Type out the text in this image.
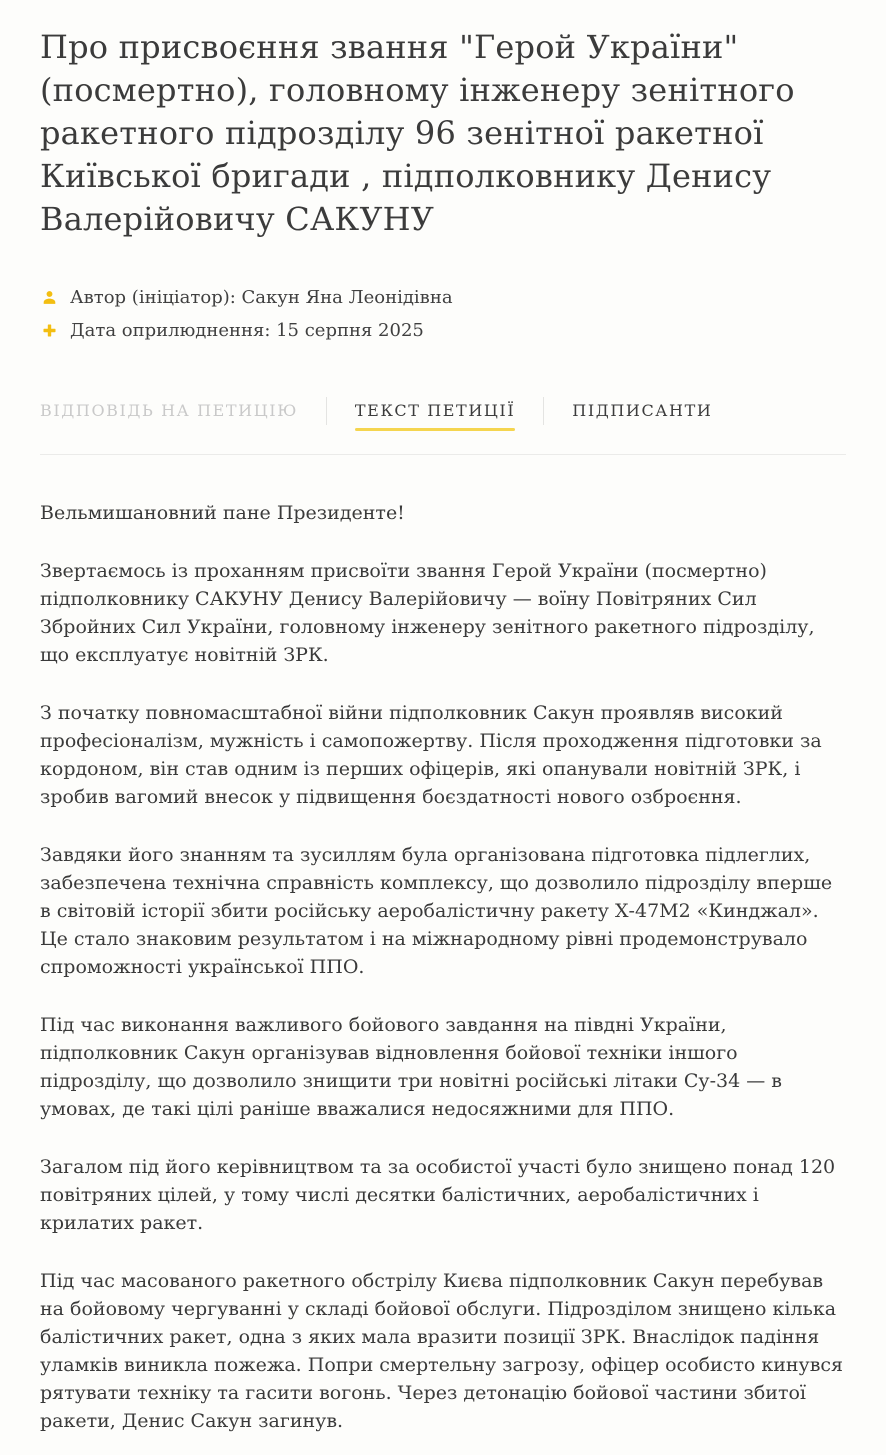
Про присвоєння звання "Герой України" (посмертно), головному інженеру зенітного ракетного підрозділу 96 зенітної ракетної Київської бригади , підполковнику Денису Валерійовичу САКУНУ
Автор (ініціатор): Сакун Яна Леонідівна
Дата оприлюднення: 15 серпня 2025
ВІДПОВІДЬ НА ПЕТИЦІЮ	ТЕКСТ ПЕТИЦІЇ	ПІДПИСАНТИ

Вельмишановний пане Президенте!

Звертаємось із проханням присвоїти звання Герой України (посмертно) підполковнику САКУНУ Денису Валерійовичу — воїну Повітряних Сил Збройних Сил України, головному інженеру зенітного ракетного підрозділу, що експлуатує новітній ЗРК.

З початку повномасштабної війни підполковник Сакун проявляв високий професіоналізм, мужність і самопожертву. Після проходження підготовки за кордоном, він став одним із перших офіцерів, які опанували новітній ЗРК, і зробив вагомий внесок у підвищення боєздатності нового озброєння.

Завдяки його знанням та зусиллям була організована підготовка підлеглих, забезпечена технічна справність комплексу, що дозволило підрозділу вперше в світовій історії збити російську аеробалістичну ракету Х-47М2 «Кинджал». Це стало знаковим результатом і на міжнародному рівні продемонструвало спроможності української ППО.

Під час виконання важливого бойового завдання на півдні України, підполковник Сакун організував відновлення бойової техніки іншого підрозділу, що дозволило знищити три новітні російські літаки Су-34 — в умовах, де такі цілі раніше вважалися недосяжними для ППО.

Загалом під його керівництвом та за особистої участі було знищено понад 120 повітряних цілей, у тому числі десятки балістичних, аеробалістичних і крилатих ракет.

Під час масованого ракетного обстрілу Києва підполковник Сакун перебував на бойовому чергуванні у складі бойової обслуги. Підрозділом знищено кілька балістичних ракет, одна з яких мала вразити позиції ЗРК. Внаслідок падіння уламків виникла пожежа. Попри смертельну загрозу, офіцер особисто кинувся рятувати техніку та гасити вогонь. Через детонацію бойової частини збитої ракети, Денис Сакун загинув.
